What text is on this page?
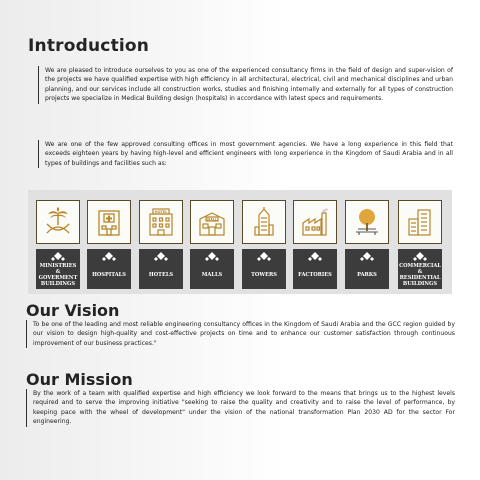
Introduction

We are pleased to introduce ourselves to you as one of the experienced consultancy firms in the field of design and super-vision of the projects we have qualified expertise with high efficiency in all architectural, electrical, civil and mechanical disciplines and urban planning, and our services include all construction works, studies and finishing internally and externally for all types of construction projects we specialize in Medical Building design (hospitals) in accordance with latest specs and requirements.

We are one of the few approved consulting offices in most government agencies. We have a long experience in this field that exceeds eighteen years by having high-level and efficient engineers with long experience in the Kingdom of Saudi Arabia and in all types of buildings and facilities such as:

MINISTRIES & GOVERMENT BUILDINGS
HOSPITALS
HOTEL
HOTELS
MALL
MALLS	TOWERS	FACTORIES	PARKS
COMMERCIAL & RESIDENTIAL BUILDINGS
Our Vision

To be one of the leading and most reliable engineering consultancy offices in the Kingdom of Saudi Arabia and the GCC region guided by our vision to design high-quality and cost-effective projects on time and to enhance our customer satisfaction through continuous improvement of our business practices."

Our Mission

By the work of a team with qualified expertise and high efficiency we look forward to the means that brings us to the highest levels required and to serve the improving initiative "seeking to raise the quality and creativity and to raise the level of performance, by keeping pace with the wheel of development" under the vision of the national transformation Plan 2030 AD for the sector For engineering.
